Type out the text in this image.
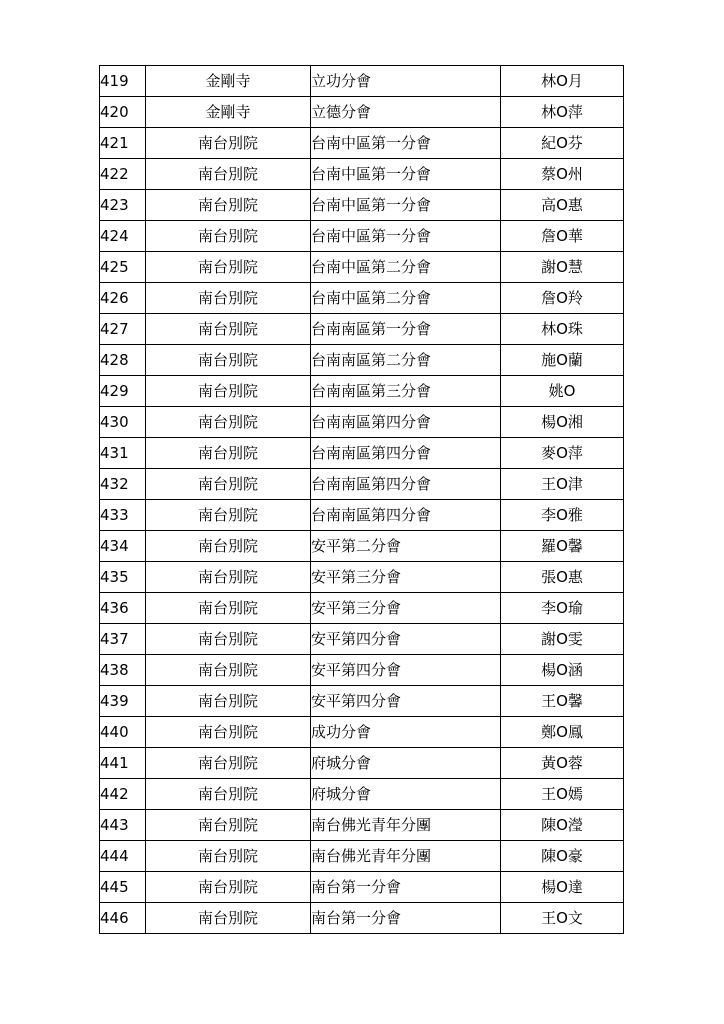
419	金剛寺	立功分會	林O月
420	金剛寺	立德分會	林O萍
421	南台別院	台南中區第一分會	紀O芬
422	南台別院	台南中區第一分會	蔡O州
423	南台別院	台南中區第一分會	高O惠
424	南台別院	台南中區第一分會	詹O華
425	南台別院	台南中區第二分會	謝O慧
426	南台別院	台南中區第二分會	詹O羚
427	南台別院	台南南區第一分會	林O珠
428	南台別院	台南南區第二分會	施O蘭
429	南台別院	台南南區第三分會	姚O
430	南台別院	台南南區第四分會	楊O湘
431	南台別院	台南南區第四分會	麥O萍
432	南台別院	台南南區第四分會	王O津
433	南台別院	台南南區第四分會	李O雅
434	南台別院	安平第二分會	羅O馨
435	南台別院	安平第三分會	張O惠
436	南台別院	安平第三分會	李O瑜
437	南台別院	安平第四分會	謝O雯
438	南台別院	安平第四分會	楊O涵
439	南台別院	安平第四分會	王O馨
440	南台別院	成功分會	鄭O鳳
441	南台別院	府城分會	黃O蓉
442	南台別院	府城分會	王O嫣
443	南台別院	南台佛光青年分團	陳O瀅
444	南台別院	南台佛光青年分團	陳O豪
445	南台別院	南台第一分會	楊O達
446	南台別院	南台第一分會	王O文
